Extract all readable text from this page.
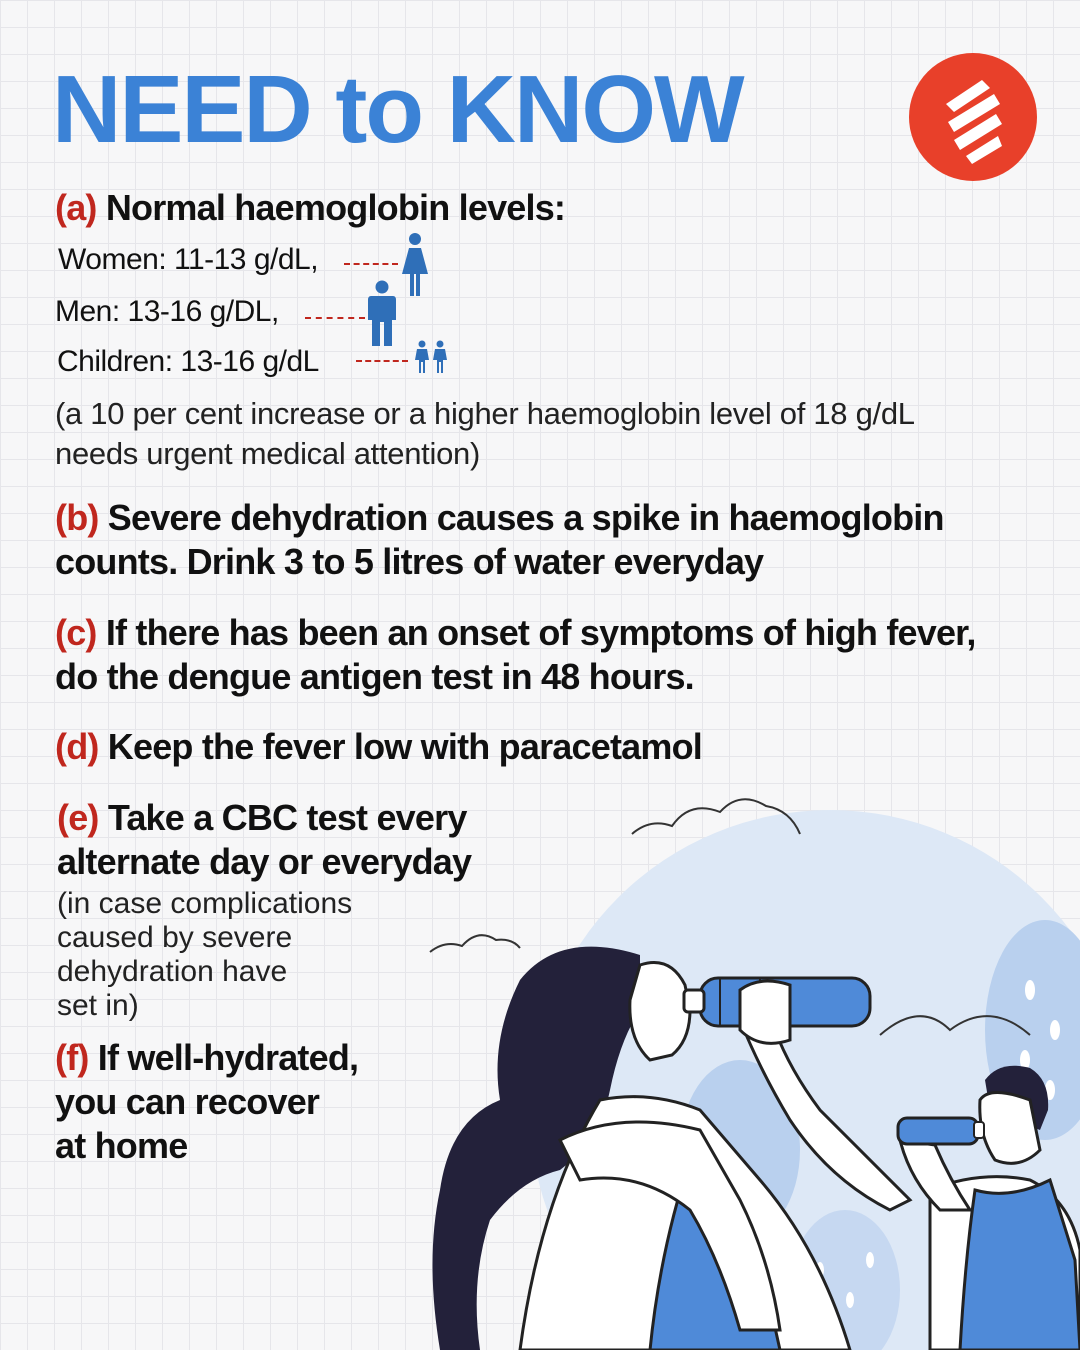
NEED to KNOW
(a) Normal haemoglobin levels:
Women: 11-13 g/dL,
Men: 13-16 g/DL,
Children: 13-16 g/dL
(a 10 per cent increase or a higher haemoglobin level of 18 g/dL
needs urgent medical attention)
(b) Severe dehydration causes a spike in haemoglobin
counts. Drink 3 to 5 litres of water everyday
(c) If there has been an onset of symptoms of high fever,
do the dengue antigen test in 48 hours.
(d) Keep the fever low with paracetamol
(e) Take a CBC test every
alternate day or everyday
(in case complications
caused by severe
dehydration have
set in)
(f) If well-hydrated,
you can recover
at home
